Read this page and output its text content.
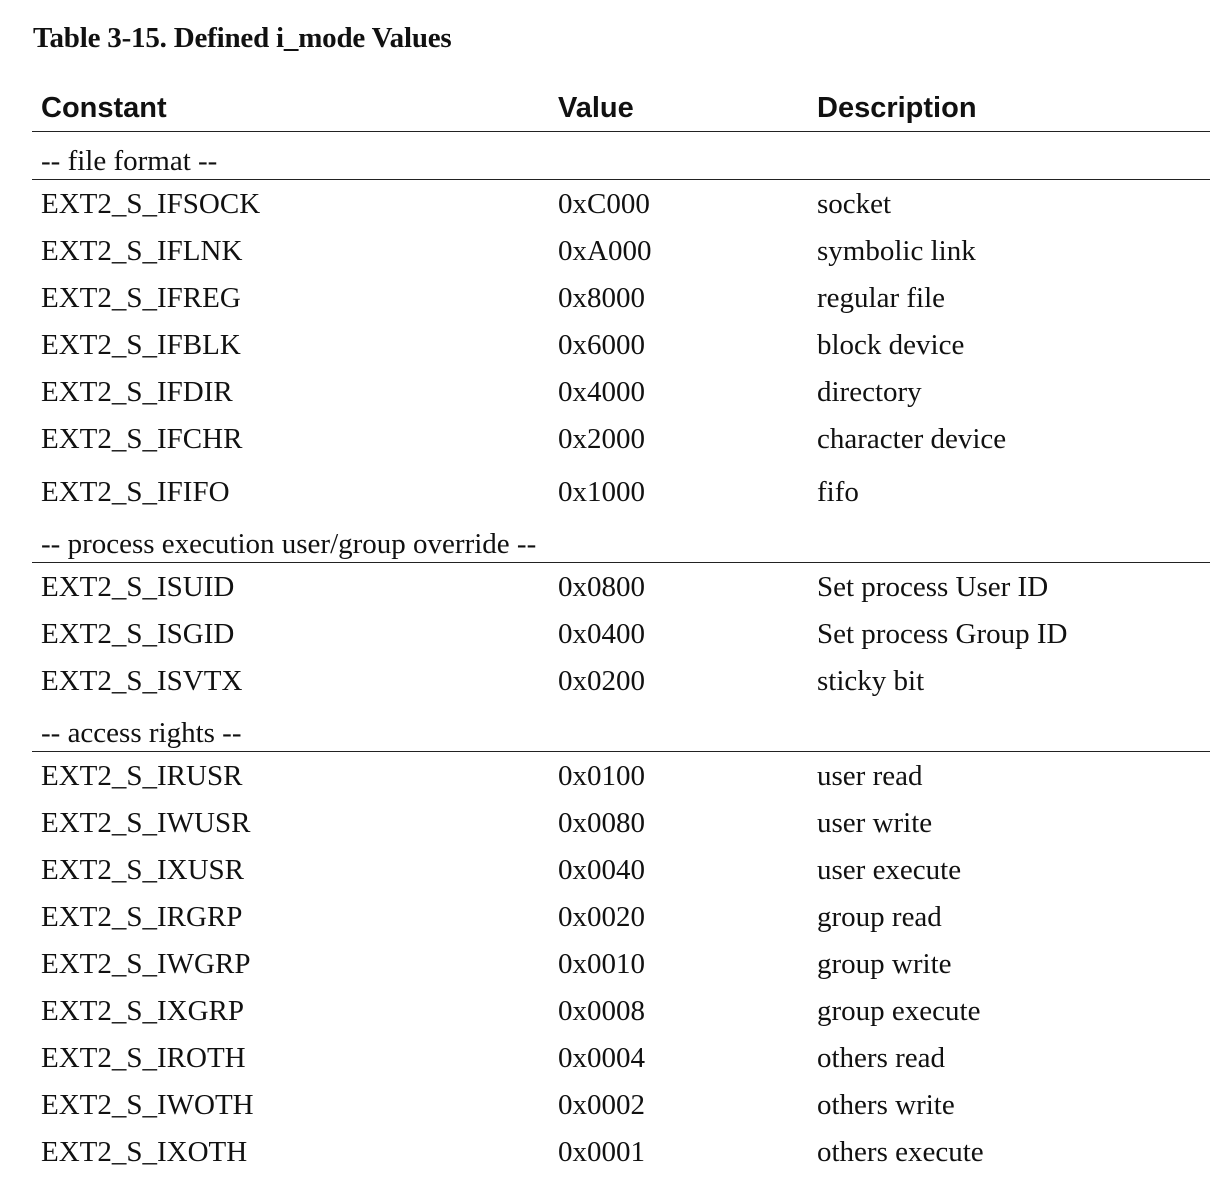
Table 3-15. Defined i_mode Values
Constant	Value	Description
-- file format --
EXT2_S_IFSOCK	0xC000	socket
EXT2_S_IFLNK	0xA000	symbolic link
EXT2_S_IFREG	0x8000	regular file
EXT2_S_IFBLK	0x6000	block device
EXT2_S_IFDIR	0x4000	directory
EXT2_S_IFCHR	0x2000	character device
EXT2_S_IFIFO	0x1000	fifo
-- process execution user/group override --
EXT2_S_ISUID	0x0800	Set process User ID
EXT2_S_ISGID	0x0400	Set process Group ID
EXT2_S_ISVTX	0x0200	sticky bit
-- access rights --
EXT2_S_IRUSR	0x0100	user read
EXT2_S_IWUSR	0x0080	user write
EXT2_S_IXUSR	0x0040	user execute
EXT2_S_IRGRP	0x0020	group read
EXT2_S_IWGRP	0x0010	group write
EXT2_S_IXGRP	0x0008	group execute
EXT2_S_IROTH	0x0004	others read
EXT2_S_IWOTH	0x0002	others write
EXT2_S_IXOTH	0x0001	others execute
